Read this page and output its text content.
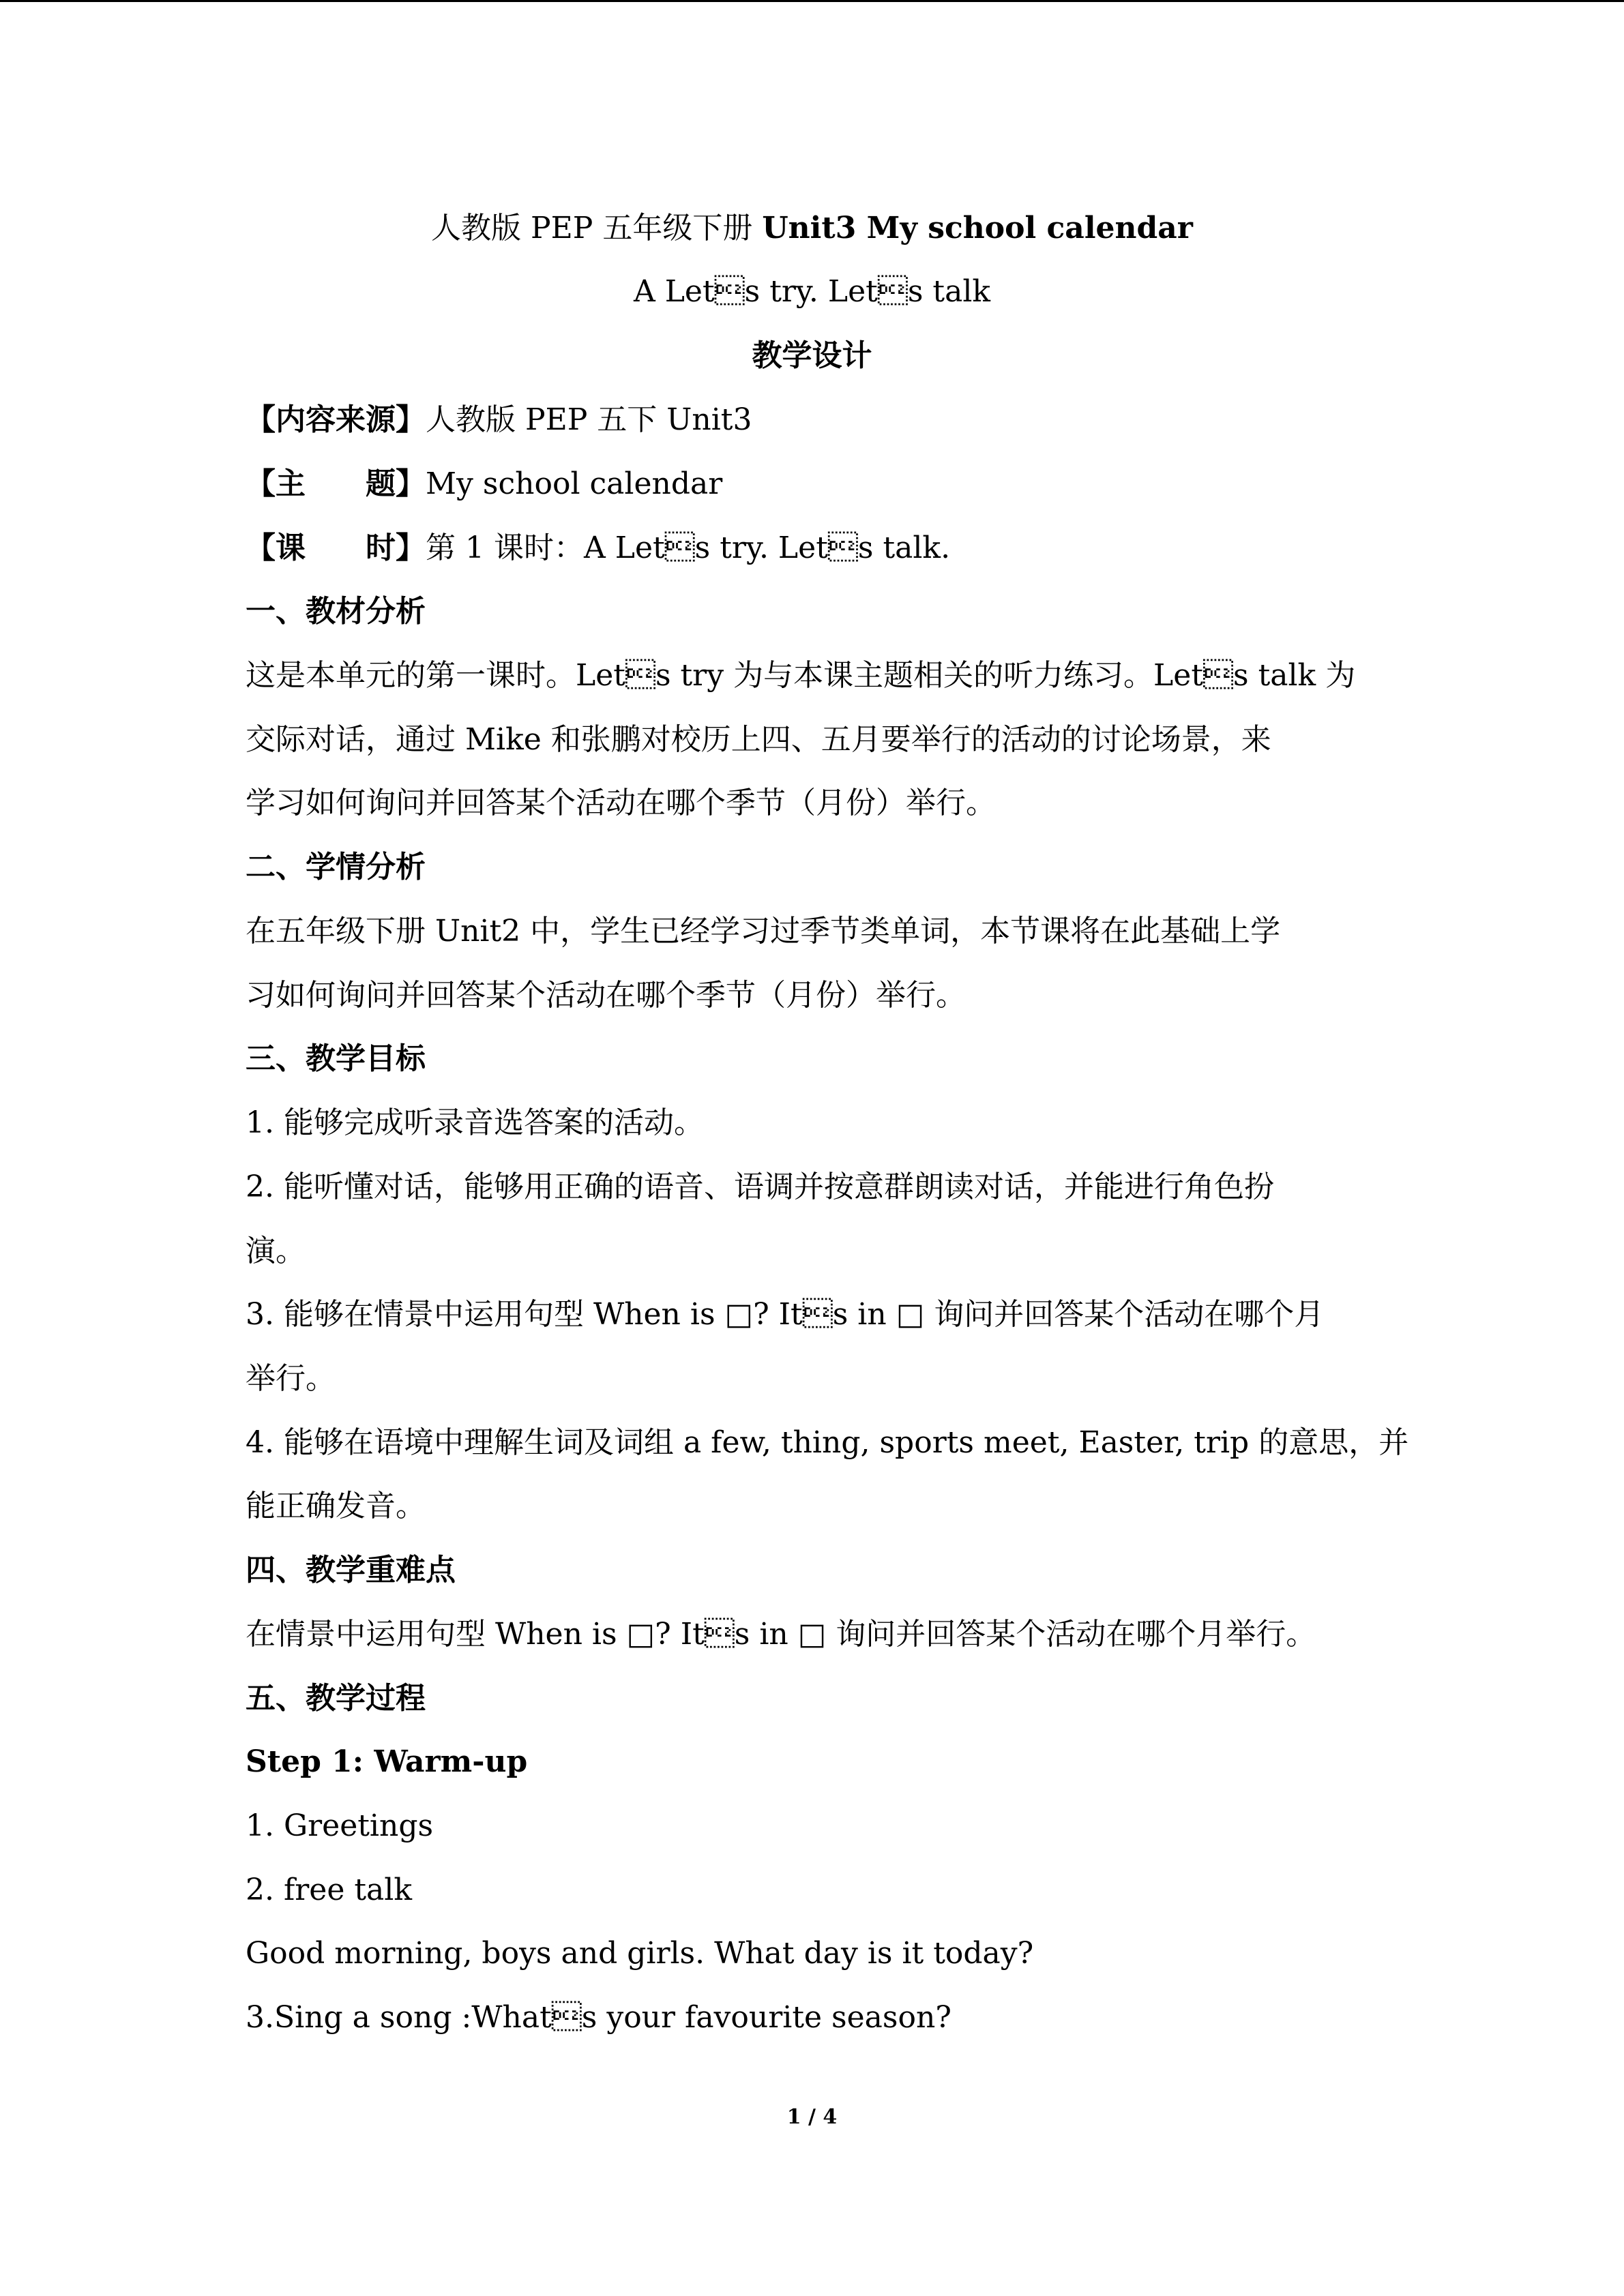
人教版 PEP 五年级下册 Unit3 My school calendar
A Lets try. Lets talk
教学设计
【内容来源】人教版 PEP 五下 Unit3
【主 题】My school calendar
【课 时】第 1 课时：A Lets try. Lets talk.
一、教材分析
这是本单元的第一课时。Lets try 为与本课主题相关的听力练习。Lets talk 为
交际对话，通过 Mike 和张鹏对校历上四、五月要举行的活动的讨论场景，来
学习如何询问并回答某个活动在哪个季节（月份）举行。
二、学情分析
在五年级下册 Unit2 中，学生已经学习过季节类单词，本节课将在此基础上学
习如何询问并回答某个活动在哪个季节（月份）举行。
三、教学目标
1. 能够完成听录音选答案的活动。
2. 能听懂对话，能够用正确的语音、语调并按意群朗读对话，并能进行角色扮
演。
3. 能够在情景中运用句型 When is □? Its in □ 询问并回答某个活动在哪个月
举行。
4. 能够在语境中理解生词及词组 a few, thing, sports meet, Easter, trip 的意思，并
能正确发音。
四、教学重难点
在情景中运用句型 When is □? Its in □ 询问并回答某个活动在哪个月举行。
五、教学过程
Step 1: Warm-up
1. Greetings
2. free talk
Good morning, boys and girls. What day is it today?
3.Sing a song :Whats your favourite season?
1 / 4
